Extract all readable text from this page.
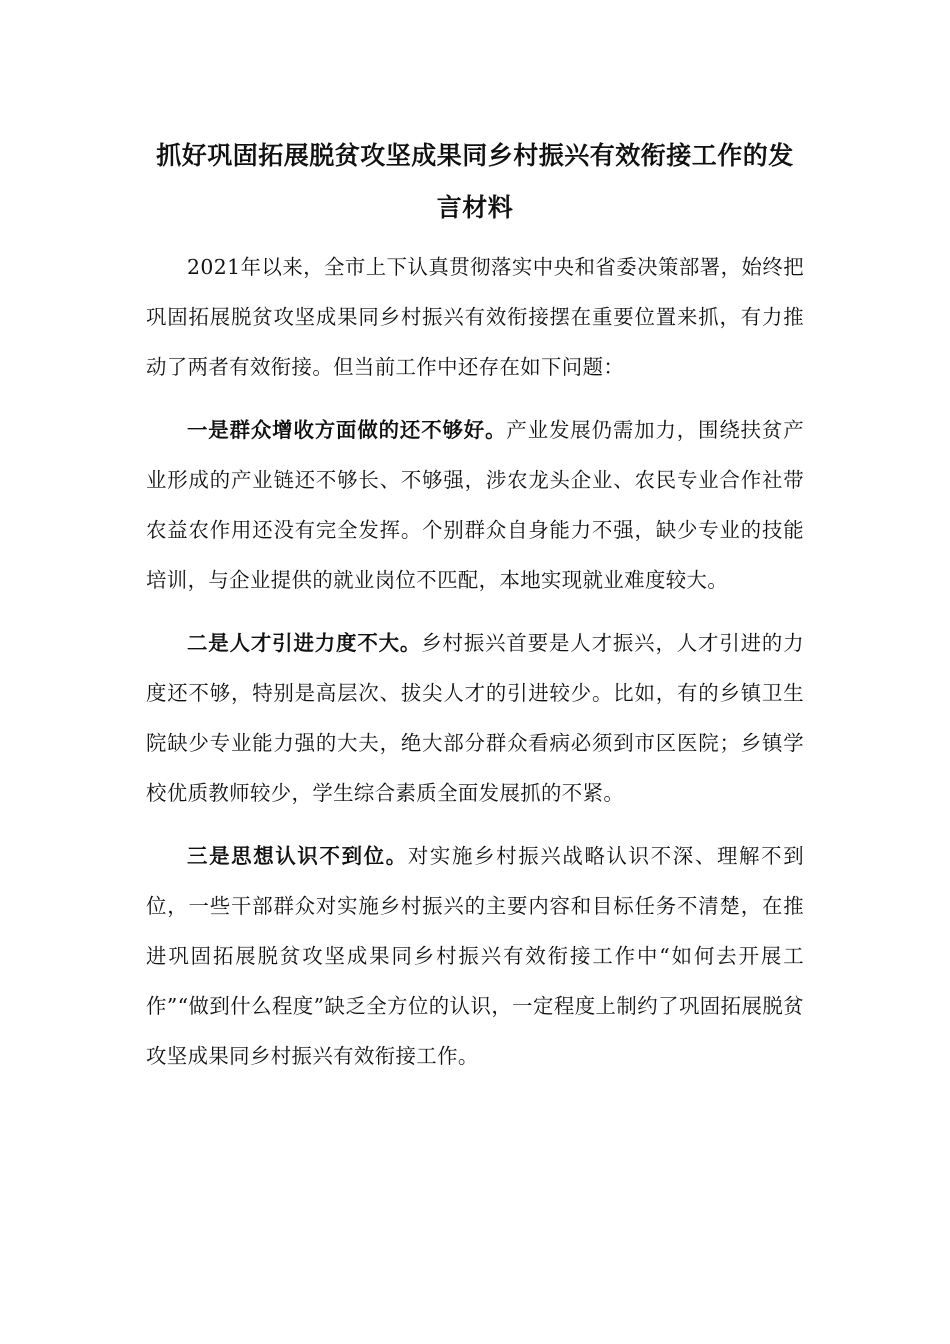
抓好巩固拓展脱贫攻坚成果同乡村振兴有效衔接工作的发
言材料

2021年以来，全市上下认真贯彻落实中央和省委决策部署，始终把巩固拓展脱贫攻坚成果同乡村振兴有效衔接摆在重要位置来抓，有力推动了两者有效衔接。但当前工作中还存在如下问题：

一是群众增收方面做的还不够好。产业发展仍需加力，围绕扶贫产业形成的产业链还不够长、不够强，涉农龙头企业、农民专业合作社带农益农作用还没有完全发挥。个别群众自身能力不强，缺少专业的技能培训，与企业提供的就业岗位不匹配，本地实现就业难度较大。

二是人才引进力度不大。乡村振兴首要是人才振兴，人才引进的力度还不够，特别是高层次、拔尖人才的引进较少。比如，有的乡镇卫生院缺少专业能力强的大夫，绝大部分群众看病必须到市区医院；乡镇学校优质教师较少，学生综合素质全面发展抓的不紧。

三是思想认识不到位。对实施乡村振兴战略认识不深、理解不到位，一些干部群众对实施乡村振兴的主要内容和目标任务不清楚，在推进巩固拓展脱贫攻坚成果同乡村振兴有效衔接工作中“如何去开展工作”“做到什么程度”缺乏全方位的认识，一定程度上制约了巩固拓展脱贫攻坚成果同乡村振兴有效衔接工作。
